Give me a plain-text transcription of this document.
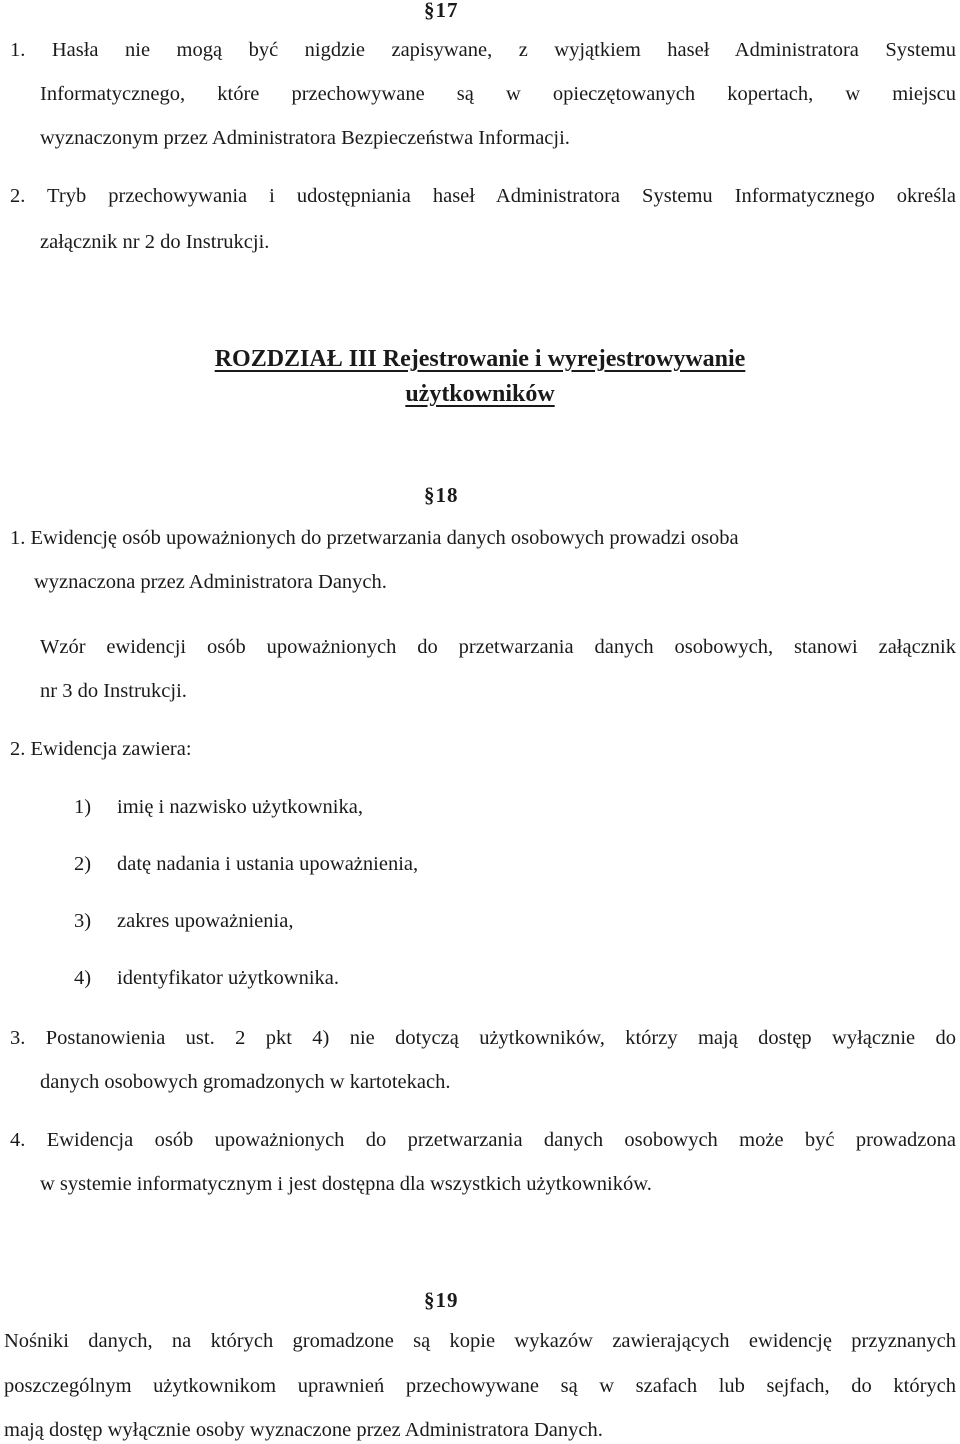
§17
1. Hasła nie mogą być nigdzie zapisywane, z wyjątkiem haseł Administratora Systemu
Informatycznego, które przechowywane są w opieczętowanych kopertach, w miejscu
wyznaczonym przez Administratora Bezpieczeństwa Informacji.
2. Tryb przechowywania i udostępniania haseł Administratora Systemu Informatycznego określa
załącznik nr 2 do Instrukcji.
ROZDZIAŁ III Rejestrowanie i wyrejestrowywanie
użytkowników
§18
1. Ewidencję osób upoważnionych do przetwarzania danych osobowych prowadzi osoba
wyznaczona przez Administratora Danych.
Wzór ewidencji osób upoważnionych do przetwarzania danych osobowych, stanowi załącznik
nr 3 do Instrukcji.
2. Ewidencja zawiera:
1) imię i nazwisko użytkownika,
2) datę nadania i ustania upoważnienia,
3) zakres upoważnienia,
4) identyfikator użytkownika.
3. Postanowienia ust. 2 pkt 4) nie dotyczą użytkowników, którzy mają dostęp wyłącznie do
danych osobowych gromadzonych w kartotekach.
4. Ewidencja osób upoważnionych do przetwarzania danych osobowych może być prowadzona
w systemie informatycznym i jest dostępna dla wszystkich użytkowników.
§19
Nośniki danych, na których gromadzone są kopie wykazów zawierających ewidencję przyznanych
poszczególnym użytkownikom uprawnień przechowywane są w szafach lub sejfach, do których
mają dostęp wyłącznie osoby wyznaczone przez Administratora Danych.
